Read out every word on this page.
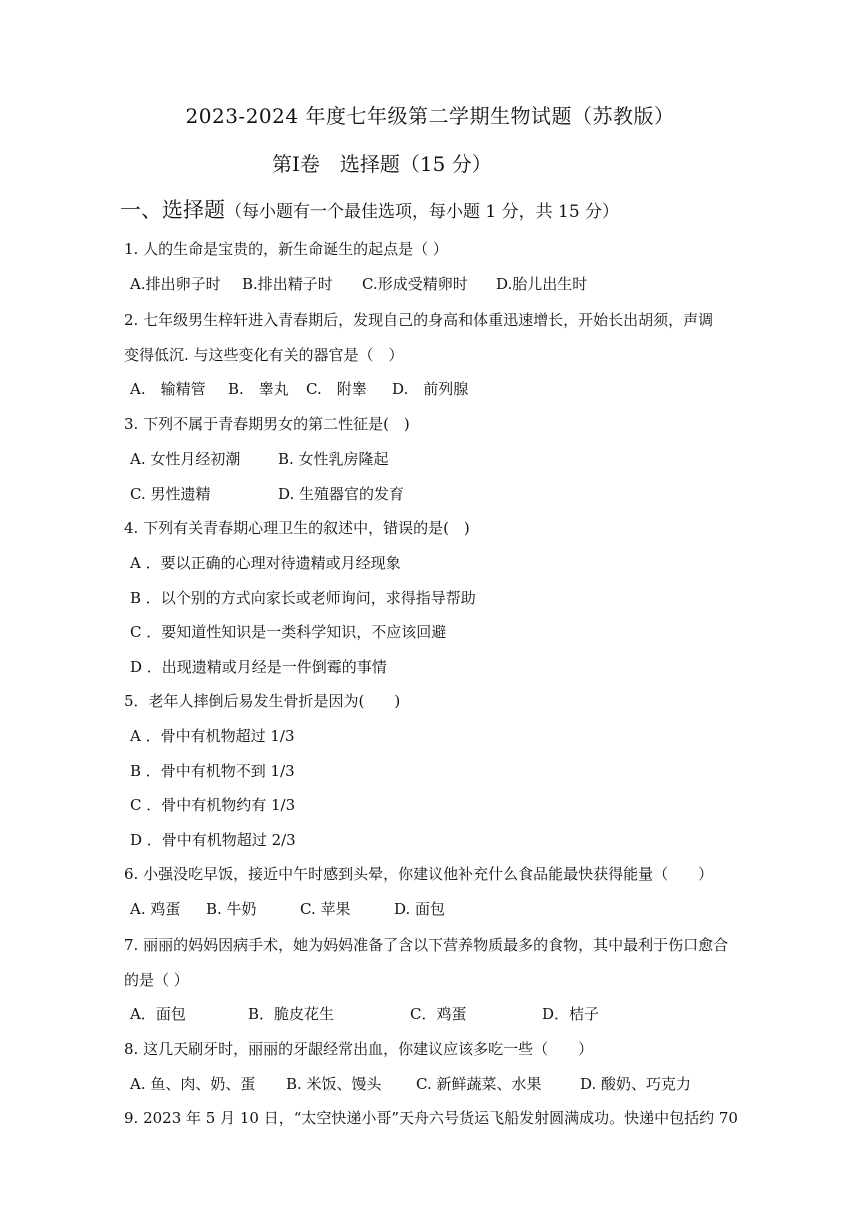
2023-2024 年度七年级第二学期生物试题（苏教版）
第Ⅰ卷　选择题（15 分）
一、选择题（每小题有一个最佳选项，每小题 1 分，共 15 分）
1. 人的生命是宝贵的，新生命诞生的起点是（ ）
A.排出卵子时 B.排出精子时 C.形成受精卵时 D.胎儿出生时
2. 七年级男生梓轩进入青春期后，发现自己的身高和体重迅速增长，开始长出胡须，声调
变得低沉. 与这些变化有关的器官是（　）
A.　输精管 B.　睾丸 C.　附睾 D.　前列腺
3. 下列不属于青春期男女的第二性征是(　)
A. 女性月经初潮	B. 女性乳房隆起
C. 男性遗精	D. 生殖器官的发育
4. 下列有关青春期心理卫生的叙述中，错误的是(　)
A ．要以正确的心理对待遗精或月经现象
B ．以个别的方式向家长或老师询问，求得指导帮助
C ．要知道性知识是一类科学知识，不应该回避
D ．出现遗精或月经是一件倒霉的事情
5．老年人摔倒后易发生骨折是因为(　　)
A ．骨中有机物超过 1/3
B ．骨中有机物不到 1/3
C ．骨中有机物约有 1/3
D ．骨中有机物超过 2/3
6. 小强没吃早饭，接近中午时感到头晕，你建议他补充什么食品能最快获得能量（　　）
A. 鸡蛋 B. 牛奶	C. 苹果	D. 面包
7. 丽丽的妈妈因病手术，她为妈妈准备了含以下营养物质最多的食物，其中最利于伤口愈合
的是（ ）
A．面包	B．脆皮花生	C．鸡蛋	D．桔子
8. 这几天刷牙时，丽丽的牙龈经常出血，你建议应该多吃一些（　　）
A. 鱼、肉、奶、蛋 B. 米饭、馒头 C. 新鲜蔬菜、水果	D. 酸奶、巧克力
9. 2023 年 5 月 10 日，“太空快递小哥”天舟六号货运飞船发射圆满成功。快递中包括约 70
